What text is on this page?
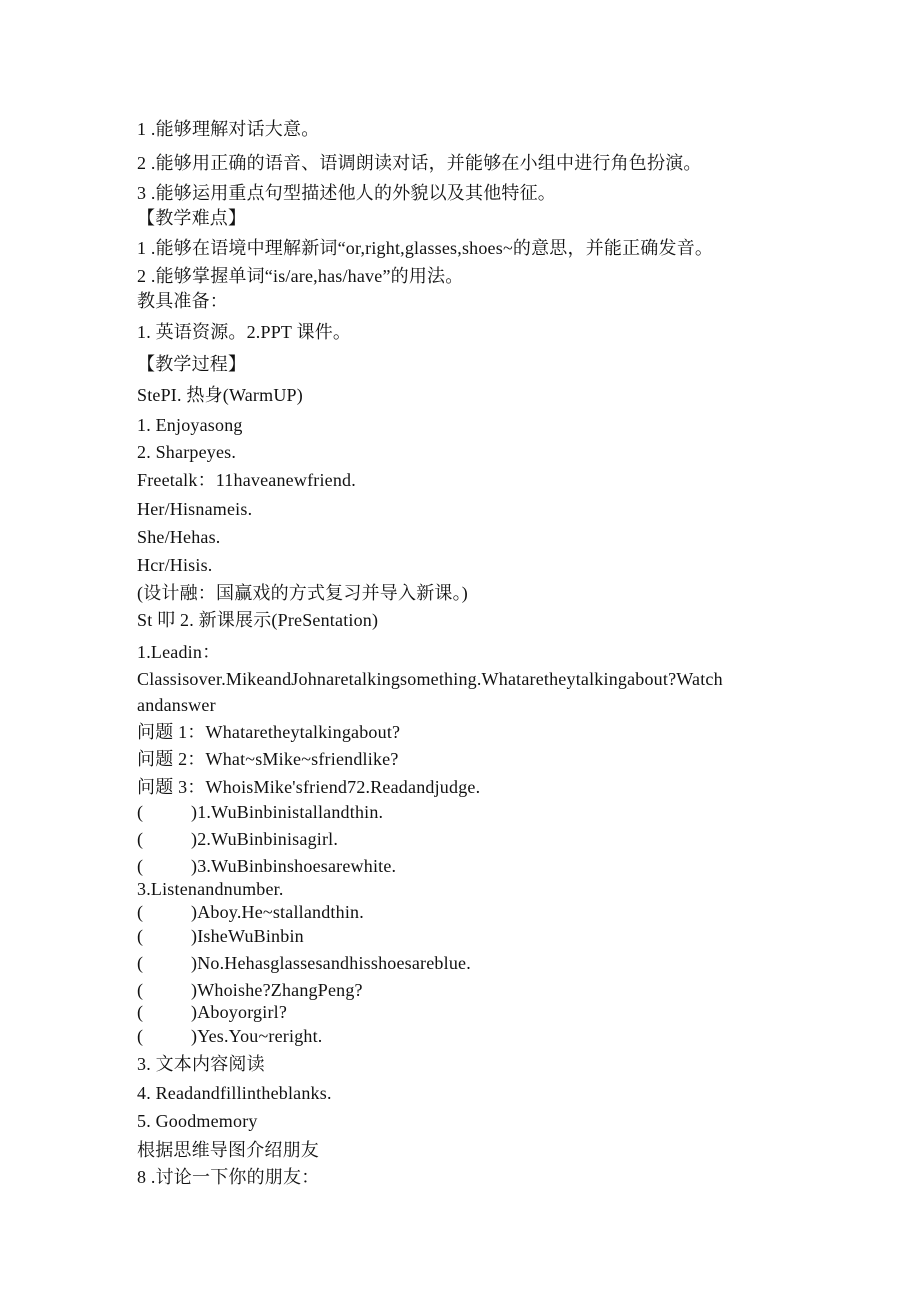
1 .能够理解对话大意。
2 .能够用正确的语音、语调朗读对话，并能够在小组中进行角色扮演。
3 .能够运用重点句型描述他人的外貌以及其他特征。
【教学难点】
1 .能够在语境中理解新词“or,right,glasses,shoes~的意思，并能正确发音。
2 .能够掌握单词“is/are,has/have”的用法。
教具准备：
1. 英语资源。2.PPT 课件。
【教学过程】
StePI. 热身(WarmUP)
1. Enjoyasong
2. Sharpeyes.
Freetalk：11haveanewfriend.
Her/Hisnameis.
She/Hehas.
Hcr/Hisis.
(设计融：国赢戏的方式复习并导入新课。)
St 叩 2. 新课展示(PreSentation)
1.Leadin：
Classisover.MikeandJohnaretalkingsomething.Whataretheytalkingabout?Watch
andanswer
问题 1：Whataretheytalkingabout?
问题 2：What~sMike~sfriendlike?
问题 3：WhoisMike'sfriend72.Readandjudge.
(	)1.WuBinbinistallandthin.
(	)2.WuBinbinisagirl.
(	)3.WuBinbinshoesarewhite.
3.Listenandnumber.
(	)Aboy.He~stallandthin.
(	)IsheWuBinbin
(	)No.Hehasglassesandhisshoesareblue.
(	)Whoishe?ZhangPeng?
(	)Aboyorgirl?
(	)Yes.You~reright.
3. 文本内容阅读
4. Readandfillintheblanks.
5. Goodmemory
根据思维导图介绍朋友
8 .讨论一下你的朋友：
